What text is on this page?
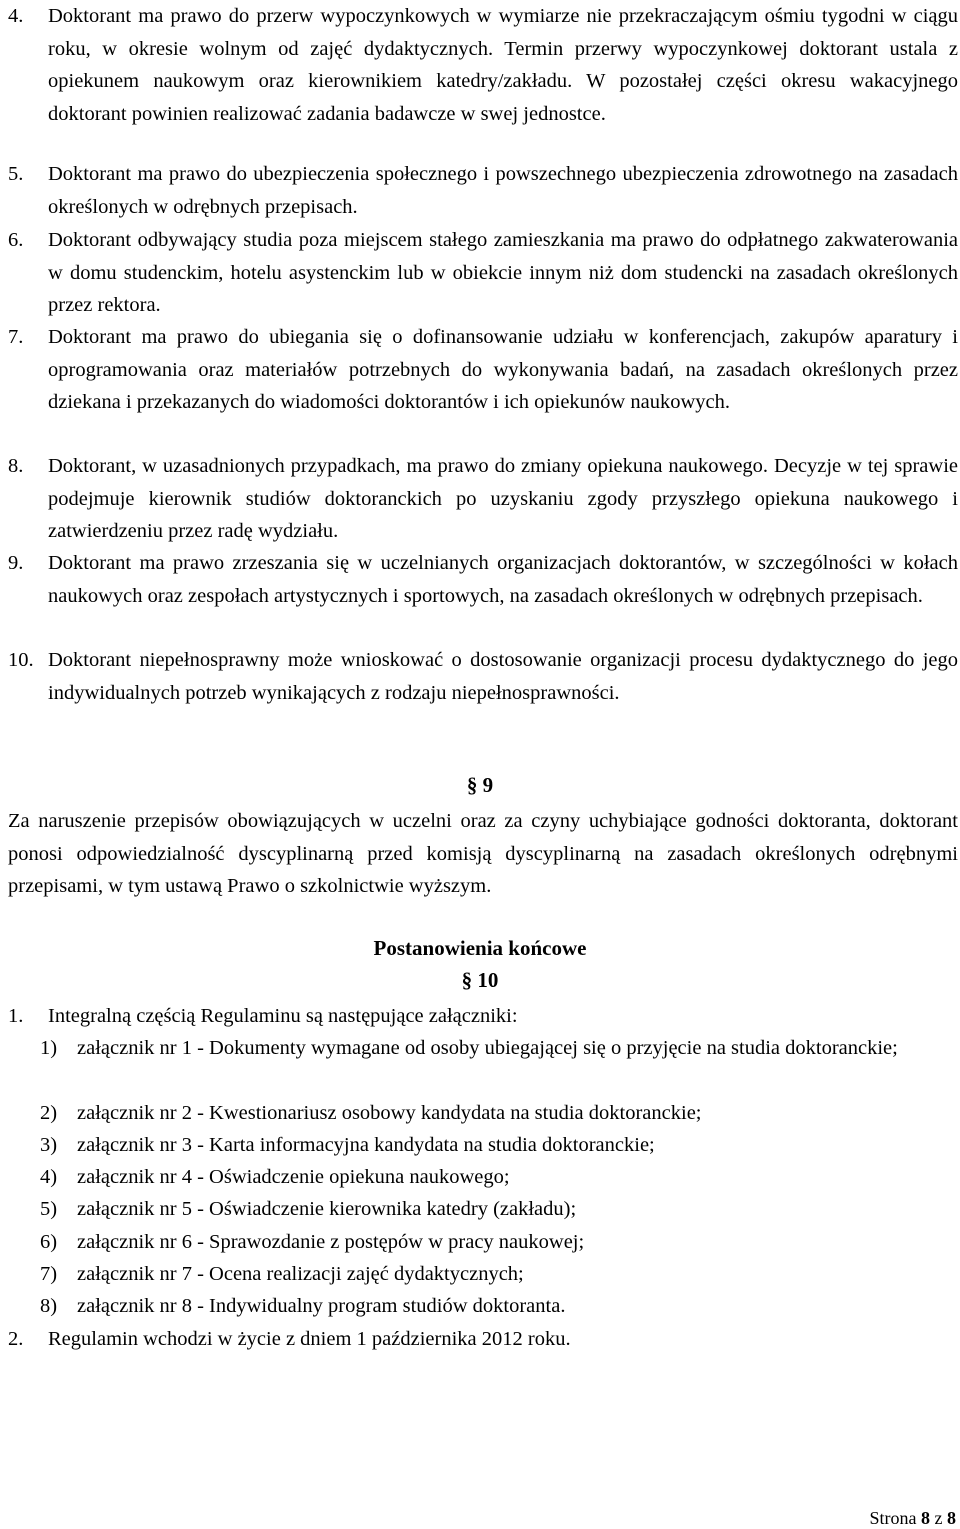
4. Doktorant ma prawo do przerw wypoczynkowych w wymiarze nie przekraczającym ośmiu tygodni w ciągu roku, w okresie wolnym od zajęć dydaktycznych. Termin przerwy wypoczynkowej doktorant ustala z opiekunem naukowym oraz kierownikiem katedry/zakładu. W pozostałej części okresu wakacyjnego doktorant powinien realizować zadania badawcze w swej jednostce.
5. Doktorant ma prawo do ubezpieczenia społecznego i powszechnego ubezpieczenia zdrowotnego na zasadach określonych w odrębnych przepisach.
6. Doktorant odbywający studia poza miejscem stałego zamieszkania ma prawo do odpłatnego zakwaterowania w domu studenckim, hotelu asystenckim lub w obiekcie innym niż dom studencki na zasadach określonych przez rektora.
7. Doktorant ma prawo do ubiegania się o dofinansowanie udziału w konferencjach, zakupów aparatury i oprogramowania oraz materiałów potrzebnych do wykonywania badań, na zasadach określonych przez dziekana i przekazanych do wiadomości doktorantów i ich opiekunów naukowych.
8. Doktorant, w uzasadnionych przypadkach, ma prawo do zmiany opiekuna naukowego. Decyzje w tej sprawie podejmuje kierownik studiów doktoranckich po uzyskaniu zgody przyszłego opiekuna naukowego i zatwierdzeniu przez radę wydziału.
9. Doktorant ma prawo zrzeszania się w uczelnianych organizacjach doktorantów, w szczególności w kołach naukowych oraz zespołach artystycznych i sportowych, na zasadach określonych w odrębnych przepisach.
10. Doktorant niepełnosprawny może wnioskować o dostosowanie organizacji procesu dydaktycznego do jego indywidualnych potrzeb wynikających z rodzaju niepełnosprawności.
§ 9
Za naruszenie przepisów obowiązujących w uczelni oraz za czyny uchybiające godności doktoranta, doktorant ponosi odpowiedzialność dyscyplinarną przed komisją dyscyplinarną na zasadach określonych odrębnymi przepisami, w tym ustawą Prawo o szkolnictwie wyższym.
Postanowienia końcowe
§ 10
1. Integralną częścią Regulaminu są następujące załączniki:
1) załącznik nr 1 - Dokumenty wymagane od osoby ubiegającej się o przyjęcie na studia doktoranckie;
2) załącznik nr 2 - Kwestionariusz osobowy kandydata na studia doktoranckie;
3) załącznik nr 3 - Karta informacyjna kandydata na studia doktoranckie;
4) załącznik nr 4 - Oświadczenie opiekuna naukowego;
5) załącznik nr 5 - Oświadczenie kierownika katedry (zakładu);
6) załącznik nr 6 - Sprawozdanie z postępów w pracy naukowej;
7) załącznik nr 7 - Ocena realizacji zajęć dydaktycznych;
8) załącznik nr 8 - Indywidualny program studiów doktoranta.
2. Regulamin wchodzi w życie z dniem 1 października 2012 roku.
Strona 8 z 8
